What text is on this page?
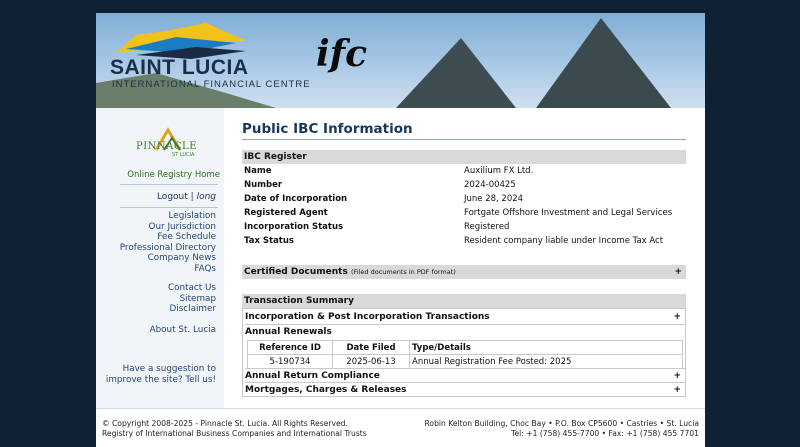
SAINT LUCIA
INTERNATIONAL FINANCIAL CENTRE
ifc
PINNACLE
ST LUCIA
Online Registry Home
Logout | long
Legislation
Our Jurisdiction
Fee Schedule
Professional Directory
Company News
FAQs
Contact Us
Sitemap
Disclaimer
About St. Lucia
Have a suggestion to
improve the site? Tell us!
Public IBC Information
IBC Register
Name	Auxilium FX Ltd.
Number	2024-00425
Date of Incorporation	June 28, 2024
Registered Agent	Fortgate Offshore Investment and Legal Services
Incorporation Status	Registered
Tax Status	Resident company liable under Income Tax Act
Certified Documents (Filed documents in PDF format)	+
Transaction Summary
Incorporation & Post Incorporation Transactions	+
Annual Renewals
Reference ID	Date Filed	Type/Details
5-190734	2025-06-13	Annual Registration Fee Posted: 2025
Annual Return Compliance	+
Mortgages, Charges & Releases	+
© Copyright 2008-2025 - Pinnacle St. Lucia. All Rights Reserved.
Registry of International Business Companies and International Trusts
Robin Kelton Building, Choc Bay • P.O. Box CP5600 • Castries • St. Lucia
Tel: +1 (758) 455-7700 • Fax: +1 (758) 455 7701
